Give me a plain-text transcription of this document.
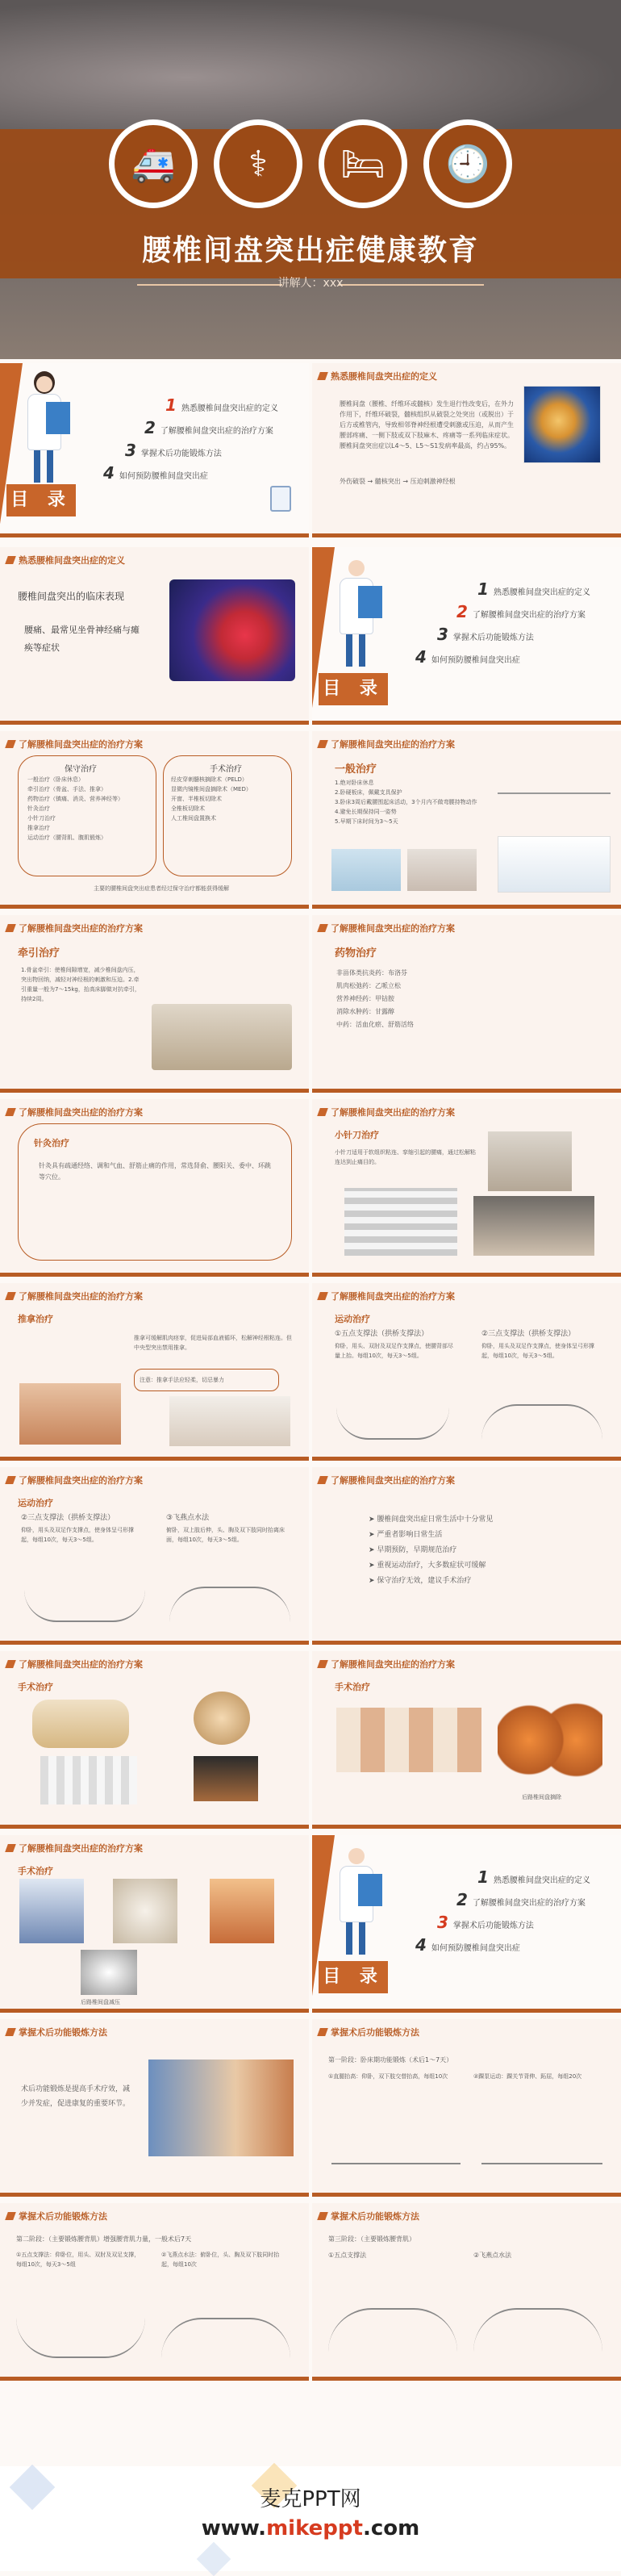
🚑	⚕	🛏	🕘
腰椎间盘突出症健康教育
讲解人：xxx
目 录
1 熟悉腰椎间盘突出症的定义
2 了解腰椎间盘突出症的治疗方案
3 掌握术后功能锻炼方法
4 如何预防腰椎间盘突出症
熟悉腰椎间盘突出症的定义
腰椎间盘（腰椎、纤维环或髓核）发生退行性改变后，在外力作用下，纤维环破裂，髓核组织从破裂之处突出（或脱出）于后方或椎管内，导致相邻脊神经根遭受刺激或压迫，从而产生腰部疼痛、一侧下肢或双下肢麻木、疼痛等一系列临床症状。腰椎间盘突出症以L4～5、L5～S1发病率最高，约占95%。
外伤破裂 → 髓核突出 → 压迫刺激神经根
熟悉腰椎间盘突出症的定义
腰椎间盘突出的临床表现
腰痛、最常见坐骨神经痛与瘫痪等症状
目 录
1 熟悉腰椎间盘突出症的定义
2 了解腰椎间盘突出症的治疗方案
3 掌握术后功能锻炼方法
4 如何预防腰椎间盘突出症
了解腰椎间盘突出症的治疗方案
保守治疗
一般治疗（卧床休息）
牵引治疗（骨盆、手法、推拿）
药物治疗（镇痛、消炎、营养神经等）
针灸治疗
小针刀治疗
推拿治疗
运动治疗（腰背肌、腹肌锻炼）
手术治疗
经皮穿刺髓核摘除术（PELD）
显微内镜椎间盘摘除术（MED）
开窗、半椎板切除术
全椎板切除术
人工椎间盘置换术
主要的腰椎间盘突出症患者经过保守治疗都能获得缓解
了解腰椎间盘突出症的治疗方案
一般治疗
1.绝对卧床休息
2.卧硬板床，佩戴支具保护
3.卧床3周后戴腰围起床活动，3个月内不做弯腰持物动作
4.避免长期保持同一姿势
5.早期下床时间为3～5天
了解腰椎间盘突出症的治疗方案
牵引治疗
1.骨盆牵引：使椎间隙增宽，减少椎间盘内压，突出物回纳，减轻对神经根的刺激和压迫。2.牵引重量一般为7～15kg，抬高床脚做对抗牵引，持续2周。
了解腰椎间盘突出症的治疗方案
药物治疗
非甾体类抗炎药：布洛芬
肌肉松弛药：乙哌立松
营养神经药：甲钴胺
消除水肿药：甘露醇
中药：活血化瘀、舒筋活络
了解腰椎间盘突出症的治疗方案
针灸治疗
针灸具有疏通经络、调和气血、舒筋止痛的作用，常选肾俞、腰阳关、委中、环跳等穴位。
了解腰椎间盘突出症的治疗方案
小针刀治疗
小针刀适用于软组织粘连、挛缩引起的腰痛，通过松解粘连达到止痛目的。
了解腰椎间盘突出症的治疗方案
推拿治疗
推拿可缓解肌肉痉挛，促进局部血液循环，松解神经根粘连。但中央型突出禁用推拿。
注意：推拿手法应轻柔，切忌暴力
了解腰椎间盘突出症的治疗方案
运动治疗
①五点支撑法（拱桥支撑法）
仰卧，用头、双肘及双足作支撑点，使腰背部尽量上抬。每组10次，每天3～5组。
②三点支撑法（拱桥支撑法）
仰卧，用头及双足作支撑点，使身体呈弓形撑起，每组10次，每天3～5组。
了解腰椎间盘突出症的治疗方案
运动治疗
②三点支撑法（拱桥支撑法）
仰卧，用头及双足作支撑点，使身体呈弓形撑起，每组10次，每天3～5组。
③飞燕点水法
俯卧，双上肢后伸，头、胸及双下肢同时抬离床面，每组10次，每天3～5组。
了解腰椎间盘突出症的治疗方案
➤ 腰椎间盘突出症日常生活中十分常见
➤ 严重者影响日常生活
➤ 早期预防，早期规范治疗
➤ 重视运动治疗，大多数症状可缓解
➤ 保守治疗无效，建议手术治疗
了解腰椎间盘突出症的治疗方案
手术治疗
了解腰椎间盘突出症的治疗方案
手术治疗
后路椎间盘摘除
了解腰椎间盘突出症的治疗方案
手术治疗
后路椎间盘减压
目 录
1 熟悉腰椎间盘突出症的定义
2 了解腰椎间盘突出症的治疗方案
3 掌握术后功能锻炼方法
4 如何预防腰椎间盘突出症
掌握术后功能锻炼方法
术后功能锻炼是提高手术疗效，减少并发症，促进康复的重要环节。
掌握术后功能锻炼方法
第一阶段：卧床期功能锻炼（术后1～7天）
①直腿抬高：仰卧，双下肢交替抬高，每组10次	②踝泵运动：踝关节背伸、跖屈，每组20次
掌握术后功能锻炼方法
第二阶段：（主要锻炼腰背肌）增强腰背肌力量，一般术后7天
①五点支撑法：仰卧位，用头、双肘及双足支撑，每组10次，每天3～5组
②飞燕点水法：俯卧位，头、胸及双下肢同时抬起，每组10次
掌握术后功能锻炼方法
第三阶段：（主要锻炼腰背肌）
①五点支撑法	②飞燕点水法
麦克PPT网
www.mikeppt.com
